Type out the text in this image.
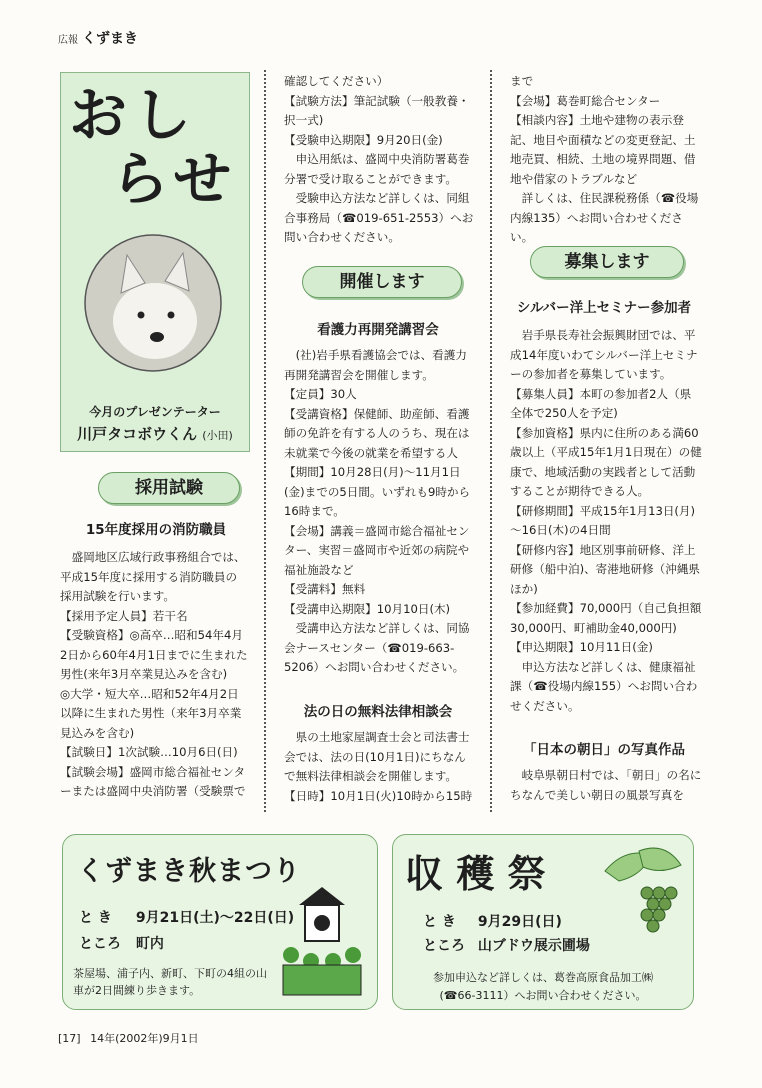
広報 くずまき
おし
らせ
今月のプレゼンテーター
川戸タコボウくん (小田)
採用試験
15年度採用の消防職員

盛岡地区広域行政事務組合では、平成15年度に採用する消防職員の採用試験を行います。

【採用予定人員】若干名

【受験資格】◎高卒…昭和54年4月2日から60年4月1日までに生まれた男性(来年3月卒業見込みを含む)

◎大学・短大卒…昭和52年4月2日以降に生まれた男性（来年3月卒業見込みを含む)

【試験日】1次試験…10月6日(日)

【試験会場】盛岡市総合福祉センターまたは盛岡中央消防署（受験票で

確認してください）

【試験方法】筆記試験（一般教養・択一式)

【受験申込期限】9月20日(金)

申込用紙は、盛岡中央消防署葛巻分署で受け取ることができます。

受験申込方法など詳しくは、同組合事務局（☎019-651-2553）へお問い合わせください。

開催します
看護力再開発講習会

(社)岩手県看護協会では、看護力再開発講習会を開催します。

【定員】30人

【受講資格】保健師、助産師、看護師の免許を有する人のうち、現在は未就業で今後の就業を希望する人

【期間】10月28日(月)～11月1日(金)までの5日間。いずれも9時から16時まで。

【会場】講義＝盛岡市総合福祉センター、実習＝盛岡市や近郊の病院や福祉施設など

【受講料】無料

【受講申込期限】10月10日(木)

受講申込方法など詳しくは、同協会ナースセンター（☎019-663-5206）へお問い合わせください。

法の日の無料法律相談会

県の土地家屋調査士会と司法書士会では、法の日(10月1日)にちなんで無料法律相談会を開催します。

【日時】10月1日(火)10時から15時

まで

【会場】葛巻町総合センター

【相談内容】土地や建物の表示登記、地目や面積などの変更登記、土地売買、相続、土地の境界問題、借地や借家のトラブルなど

詳しくは、住民課税務係（☎役場内線135）へお問い合わせください。

募集します
シルバー洋上セミナー参加者

岩手県長寿社会振興財団では、平成14年度いわてシルバー洋上セミナーの参加者を募集しています。

【募集人員】本町の参加者2人（県全体で250人を予定)

【参加資格】県内に住所のある満60歳以上（平成15年1月1日現在）の健康で、地域活動の実践者として活動することが期待できる人。

【研修期間】平成15年1月13日(月)～16日(木)の4日間

【研修内容】地区別事前研修、洋上研修（船中泊)、寄港地研修（沖縄県ほか)

【参加経費】70,000円（自己負担額30,000円、町補助金40,000円)

【申込期限】10月11日(金)

申込方法など詳しくは、健康福祉課（☎役場内線155）へお問い合わせください。

「日本の朝日」の写真作品

岐阜県朝日村では、「朝日」の名にちなんで美しい朝日の風景写真を

くずまき秋まつり
と き 9月21日(土)～22日(日)
ところ 町内
茶屋場、浦子内、新町、下町の4組の山車が2日間練り歩きます。
収 穫 祭
と き 9月29日(日)
ところ 山ブドウ展示圃場
参加申込など詳しくは、葛巻高原食品加工㈱
(☎66-3111）へお問い合わせください。
[17] 14年(2002年)9月1日
